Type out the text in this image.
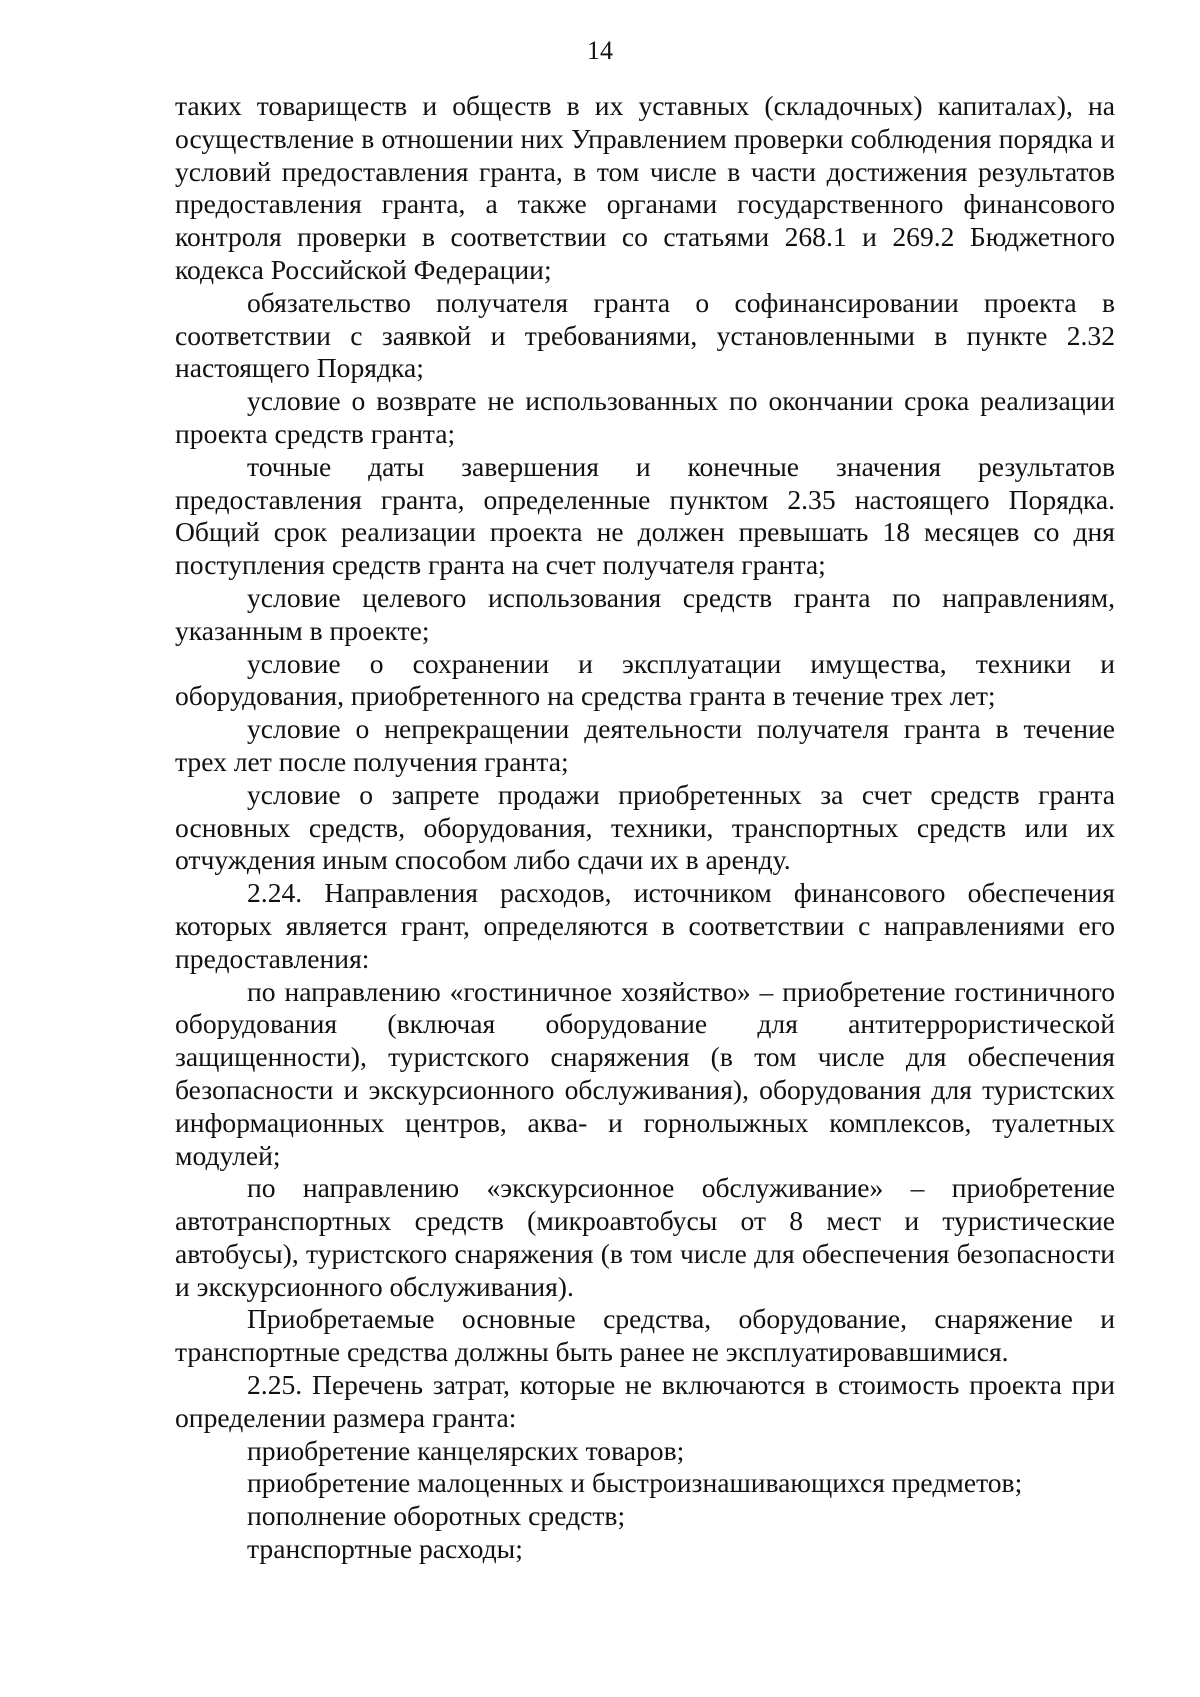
14

таких товариществ и обществ в их уставных (складочных) капиталах), на осуществление в отношении них Управлением проверки соблюдения порядка и условий предоставления гранта, в том числе в части достижения результатов предоставления гранта, а также органами государственного финансового контроля проверки в соответствии со статьями 268.1 и 269.2 Бюджетного кодекса Российской Федерации;

обязательство получателя гранта о софинансировании проекта в соответствии с заявкой и требованиями, установленными в пункте 2.32 настоящего Порядка;

условие о возврате не использованных по окончании срока реализации проекта средств гранта;

точные даты завершения и конечные значения результатов предоставления гранта, определенные пунктом 2.35 настоящего Порядка. Общий срок реализации проекта не должен превышать 18 месяцев со дня поступления средств гранта на счет получателя гранта;

условие целевого использования средств гранта по направлениям, указанным в проекте;

условие о сохранении и эксплуатации имущества, техники и оборудования, приобретенного на средства гранта в течение трех лет;

условие о непрекращении деятельности получателя гранта в течение трех лет после получения гранта;

условие о запрете продажи приобретенных за счет средств гранта основных средств, оборудования, техники, транспортных средств или их отчуждения иным способом либо сдачи их в аренду.

2.24. Направления расходов, источником финансового обеспечения которых является грант, определяются в соответствии с направлениями его предоставления:

по направлению «гостиничное хозяйство» – приобретение гостиничного оборудования (включая оборудование для антитеррористической защищенности), туристского снаряжения (в том числе для обеспечения безопасности и экскурсионного обслуживания), оборудования для туристских информационных центров, аква- и горнолыжных комплексов, туалетных модулей;

по направлению «экскурсионное обслуживание» – приобретение автотранспортных средств (микроавтобусы от 8 мест и туристические автобусы), туристского снаряжения (в том числе для обеспечения безопасности и экскурсионного обслуживания).

Приобретаемые основные средства, оборудование, снаряжение и транспортные средства должны быть ранее не эксплуатировавшимися.

2.25. Перечень затрат, которые не включаются в стоимость проекта при определении размера гранта:

приобретение канцелярских товаров;

приобретение малоценных и быстроизнашивающихся предметов;

пополнение оборотных средств;

транспортные расходы;
